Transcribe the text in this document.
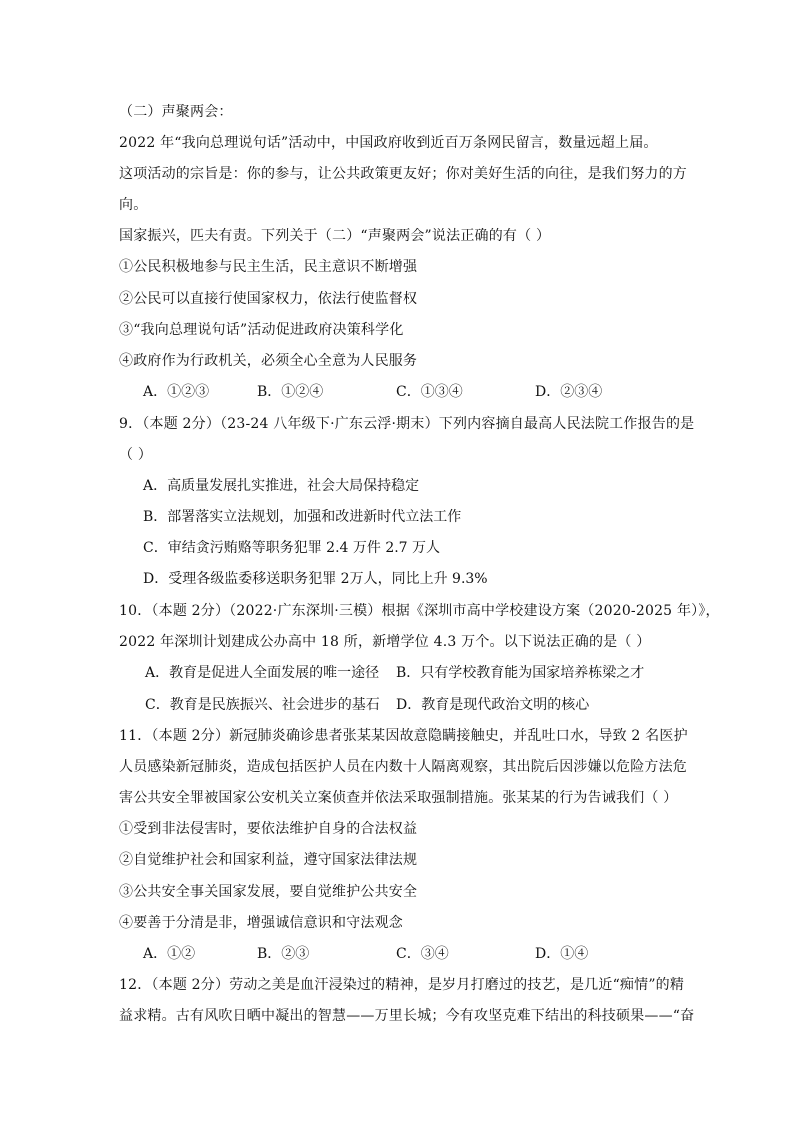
（二）声聚两会：
2022 年“我向总理说句话”活动中，中国政府收到近百万条网民留言，数量远超上届。
这项活动的宗旨是：你的参与，让公共政策更友好；你对美好生活的向往，是我们努力的方
向。
国家振兴，匹夫有责。下列关于（二）“声聚两会”说法正确的有（ ）
①公民积极地参与民主生活，民主意识不断增强
②公民可以直接行使国家权力，依法行使监督权
③“我向总理说句话”活动促进政府决策科学化
④政府作为行政机关，必须全心全意为人民服务
A．①②③	B．①②④	C．①③④	D．②③④
9．（本题 2分）（23-24 八年级下·广东云浮·期末）下列内容摘自最高人民法院工作报告的是
（ ）
A．高质量发展扎实推进，社会大局保持稳定
B．部署落实立法规划，加强和改进新时代立法工作
C．审结贪污贿赂等职务犯罪 2.4 万件 2.7 万人
D．受理各级监委移送职务犯罪 2万人，同比上升 9.3%
10．（本题 2分）（2022·广东深圳·三模）根据《深圳市高中学校建设方案（2020-2025 年）》，
2022 年深圳计划建成公办高中 18 所，新增学位 4.3 万个。以下说法正确的是（ ）
A．教育是促进人全面发展的唯一途径 B．只有学校教育能为国家培养栋梁之才
C．教育是民族振兴、社会进步的基石 D．教育是现代政治文明的核心
11．（本题 2分）新冠肺炎确诊患者张某某因故意隐瞒接触史，并乱吐口水，导致 2 名医护
人员感染新冠肺炎，造成包括医护人员在内数十人隔离观察，其出院后因涉嫌以危险方法危
害公共安全罪被国家公安机关立案侦查并依法采取强制措施。张某某的行为告诫我们（ ）
①受到非法侵害时，要依法维护自身的合法权益
②自觉维护社会和国家利益，遵守国家法律法规
③公共安全事关国家发展，要自觉维护公共安全
④要善于分清是非，增强诚信意识和守法观念
A．①②	B．②③	C．③④	D．①④
12．（本题 2分）劳动之美是血汗浸染过的精神，是岁月打磨过的技艺，是几近“痴情”的精
益求精。古有风吹日晒中凝出的智慧——万里长城；今有攻坚克难下结出的科技硕果——“奋
